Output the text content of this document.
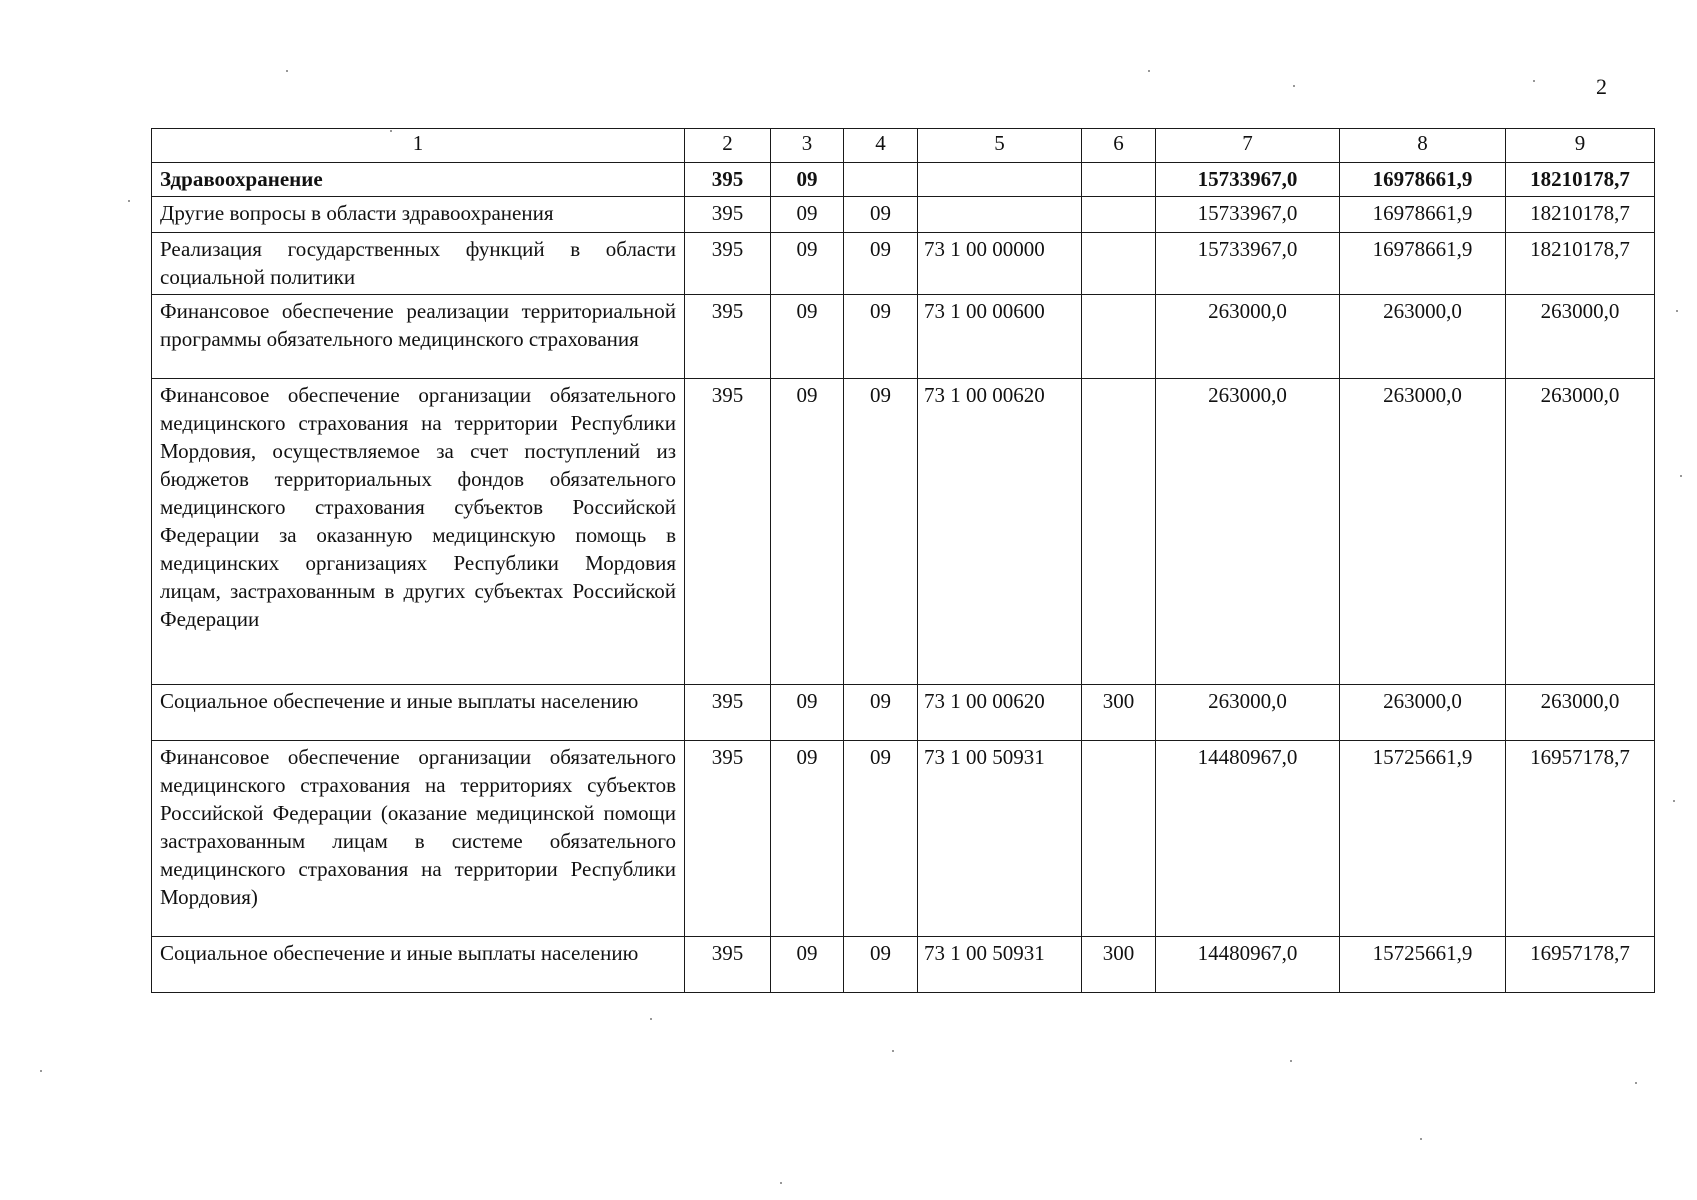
2
1	2	3	4	5	6	7	8	9
Здравоохранение	395	09				15733967,0	16978661,9	18210178,7
Другие вопросы в области здравоохранения	395	09	09			15733967,0	16978661,9	18210178,7
Реализация государственных функций в области социальной политики	395	09	09	73 1 00 00000		15733967,0	16978661,9	18210178,7
Финансовое обеспечение реализации территориальной программы обязательного медицинского страхования	395	09	09	73 1 00 00600		263000,0	263000,0	263000,0
Финансовое обеспечение организации обязательного медицинского страхования на территории Республики Мордовия, осуществляемое за счет поступлений из бюджетов территориальных фондов обязательного медицинского страхования субъектов Российской Федерации за оказанную медицинскую помощь в медицинских организациях Республики Мордовия лицам, застрахованным в других субъектах Российской Федерации	395	09	09	73 1 00 00620		263000,0	263000,0	263000,0
Социальное обеспечение и иные выплаты населению	395	09	09	73 1 00 00620	300	263000,0	263000,0	263000,0
Финансовое обеспечение организации обязательного медицинского страхования на территориях субъектов Российской Федерации (оказание медицинской помощи застрахованным лицам в системе обязательного медицинского страхования на территории Республики Мордовия)	395	09	09	73 1 00 50931		14480967,0	15725661,9	16957178,7
Социальное обеспечение и иные выплаты населению	395	09	09	73 1 00 50931	300	14480967,0	15725661,9	16957178,7
